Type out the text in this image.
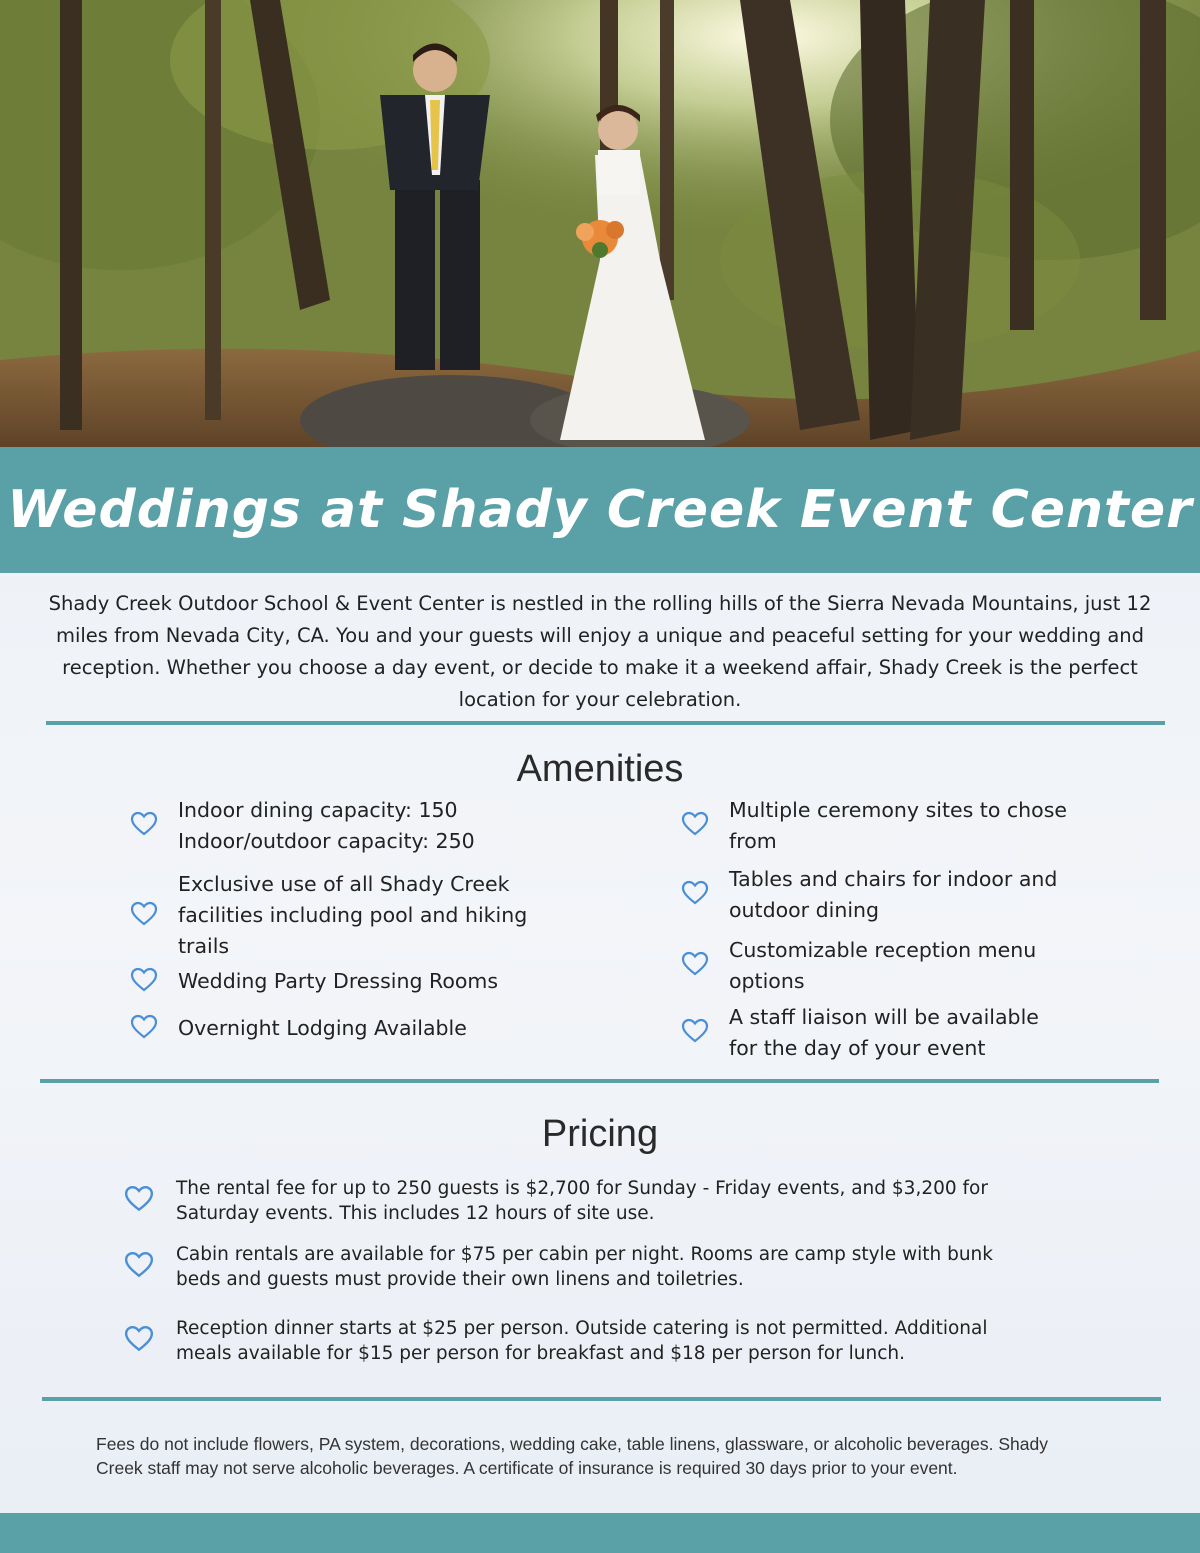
Weddings at Shady Creek Event Center
Shady Creek Outdoor School & Event Center is nestled in the rolling hills of the Sierra Nevada Mountains, just 12 miles from Nevada City, CA. You and your guests will enjoy a unique and peaceful setting for your wedding and reception. Whether you choose a day event, or decide to make it a weekend affair, Shady Creek is the perfect location for your celebration.
Amenities
Indoor dining capacity: 150
Indoor/outdoor capacity: 250
Exclusive use of all Shady Creek
facilities including pool and hiking
trails
Wedding Party Dressing Rooms
Overnight Lodging Available
Multiple ceremony sites to chose
from
Tables and chairs for indoor and
outdoor dining
Customizable reception menu
options
A staff liaison will be available
for the day of your event
Pricing
The rental fee for up to 250 guests is $2,700 for Sunday - Friday events, and $3,200 for
Saturday events. This includes 12 hours of site use.
Cabin rentals are available for $75 per cabin per night. Rooms are camp style with bunk
beds and guests must provide their own linens and toiletries.
Reception dinner starts at $25 per person. Outside catering is not permitted. Additional
meals available for $15 per person for breakfast and $18 per person for lunch.
Fees do not include flowers, PA system, decorations, wedding cake, table linens, glassware, or alcoholic beverages. Shady
Creek staff may not serve alcoholic beverages. A certificate of insurance is required 30 days prior to your event.
